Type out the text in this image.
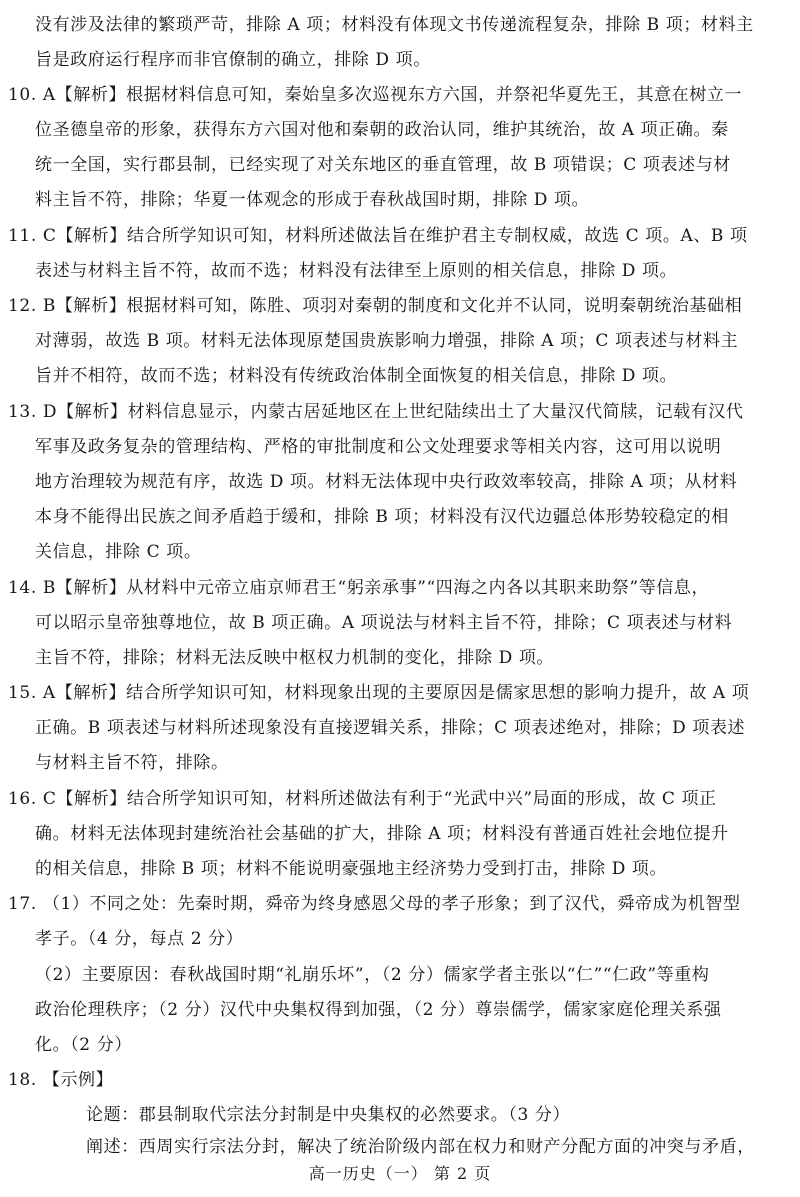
没有涉及法律的繁琐严苛，排除 A 项；材料没有体现文书传递流程复杂，排除 B 项；材料主
旨是政府运行程序而非官僚制的确立，排除 D 项。
10. A【解析】根据材料信息可知，秦始皇多次巡视东方六国，并祭祀华夏先王，其意在树立一
位圣德皇帝的形象，获得东方六国对他和秦朝的政治认同，维护其统治，故 A 项正确。秦
统一全国，实行郡县制，已经实现了对关东地区的垂直管理，故 B 项错误；C 项表述与材
料主旨不符，排除；华夏一体观念的形成于春秋战国时期，排除 D 项。
11. C【解析】结合所学知识可知，材料所述做法旨在维护君主专制权威，故选 C 项。A、B 项
表述与材料主旨不符，故而不选；材料没有法律至上原则的相关信息，排除 D 项。
12. B【解析】根据材料可知，陈胜、项羽对秦朝的制度和文化并不认同，说明秦朝统治基础相
对薄弱，故选 B 项。材料无法体现原楚国贵族影响力增强，排除 A 项；C 项表述与材料主
旨并不相符，故而不选；材料没有传统政治体制全面恢复的相关信息，排除 D 项。
13. D【解析】材料信息显示，内蒙古居延地区在上世纪陆续出土了大量汉代简牍，记载有汉代
军事及政务复杂的管理结构、严格的审批制度和公文处理要求等相关内容，这可用以说明
地方治理较为规范有序，故选 D 项。材料无法体现中央行政效率较高，排除 A 项；从材料
本身不能得出民族之间矛盾趋于缓和，排除 B 项；材料没有汉代边疆总体形势较稳定的相
关信息，排除 C 项。
14. B【解析】从材料中元帝立庙京师君王“躬亲承事”“四海之内各以其职来助祭”等信息，
可以昭示皇帝独尊地位，故 B 项正确。A 项说法与材料主旨不符，排除；C 项表述与材料
主旨不符，排除；材料无法反映中枢权力机制的变化，排除 D 项。
15. A【解析】结合所学知识可知，材料现象出现的主要原因是儒家思想的影响力提升，故 A 项
正确。B 项表述与材料所述现象没有直接逻辑关系，排除；C 项表述绝对，排除；D 项表述
与材料主旨不符，排除。
16. C【解析】结合所学知识可知，材料所述做法有利于“光武中兴”局面的形成，故 C 项正
确。材料无法体现封建统治社会基础的扩大，排除 A 项；材料没有普通百姓社会地位提升
的相关信息，排除 B 项；材料不能说明豪强地主经济势力受到打击，排除 D 项。
17. （1）不同之处：先秦时期，舜帝为终身感恩父母的孝子形象；到了汉代，舜帝成为机智型
孝子。（4 分，每点 2 分）
（2）主要原因：春秋战国时期“礼崩乐坏”，（2 分）儒家学者主张以“仁”“仁政”等重构
政治伦理秩序；（2 分）汉代中央集权得到加强，（2 分）尊崇儒学，儒家家庭伦理关系强
化。（2 分）
18. 【示例】
论题：郡县制取代宗法分封制是中央集权的必然要求。（3 分）
阐述：西周实行宗法分封，解决了统治阶级内部在权力和财产分配方面的冲突与矛盾，
高一历史（一） 第 2 页
